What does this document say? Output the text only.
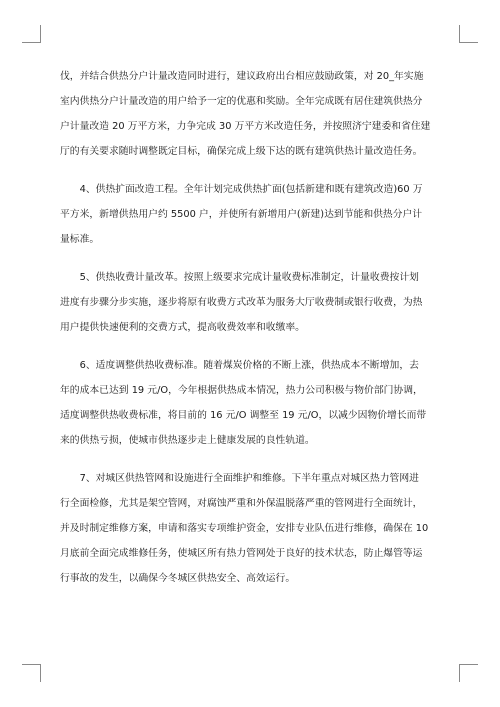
伐，并结合供热分户计量改造同时进行，建议政府出台相应鼓励政策，对 20_年实施
室内供热分户计量改造的用户给予一定的优惠和奖励。全年完成既有居住建筑供热分
户计量改造 20 万平方米，力争完成 30 万平方米改造任务，并按照济宁建委和省住建
厅的有关要求随时调整既定目标，确保完成上级下达的既有建筑供热计量改造任务。
4、供热扩面改造工程。全年计划完成供热扩面(包括新建和既有建筑改造)60 万
平方米，新增供热用户约 5500 户，并使所有新增用户(新建)达到节能和供热分户计
量标准。
5、供热收费计量改革。按照上级要求完成计量收费标准制定，计量收费按计划
进度有步骤分步实施，逐步将原有收费方式改革为服务大厅收费制或银行收费，为热
用户提供快速便利的交费方式，提高收费效率和收缴率。
6、适度调整供热收费标准。随着煤炭价格的不断上涨，供热成本不断增加，去
年的成本已达到 19 元/O，今年根据供热成本情况，热力公司积极与物价部门协调，
适度调整供热收费标准，将目前的 16 元/O 调整至 19 元/O，以减少因物价增长而带
来的供热亏损，使城市供热逐步走上健康发展的良性轨道。
7、对城区供热管网和设施进行全面维护和维修。下半年重点对城区热力管网进
行全面检修，尤其是架空管网，对腐蚀严重和外保温脱落严重的管网进行全面统计，
并及时制定维修方案，申请和落实专项维护资金，安排专业队伍进行维修，确保在 10
月底前全面完成维修任务，使城区所有热力管网处于良好的技术状态，防止爆管等运
行事故的发生，以确保今冬城区供热安全、高效运行。
